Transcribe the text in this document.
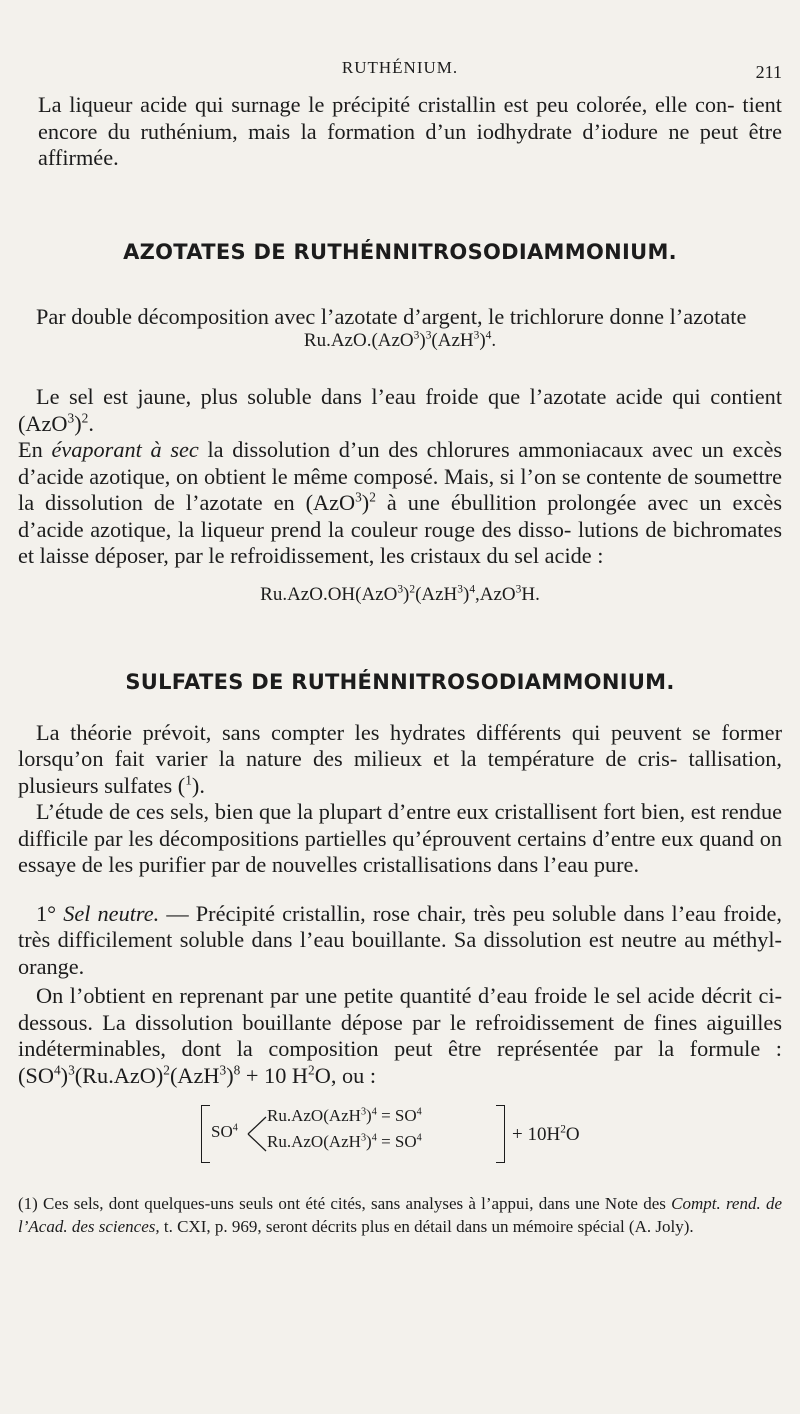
RUTHÉNIUM.	211

La liqueur acide qui surnage le précipité cristallin est peu colorée, elle con- tient encore du ruthénium, mais la formation d’un iodhydrate d’iodure ne peut être affirmée.

AZOTATES DE RUTHÉNNITROSODIAMMONIUM.

Par double décomposition avec l’azotate d’argent, le trichlorure donne l’azotate

$Ru.AzO.(AzO^3)^3(AzH^3)^4$.

Le sel est jaune, plus soluble dans l’eau froide que l’azotate acide qui contient $(AzO^3)^2$.
En évaporant à sec la dissolution d’un des chlorures ammoniacaux avec un excès d’acide azotique, on obtient le même composé. Mais, si l’on se contente de soumettre la dissolution de l’azotate en $(AzO^3)^2$ à une ébullition prolongée avec un excès d’acide azotique, la liqueur prend la couleur rouge des disso- lutions de bichromates et laisse déposer, par le refroidissement, les cristaux du sel acide :

$Ru.AzO.OH(AzO^3)^2(AzH^3)^4,AzO^3H$.
SULFATES DE RUTHÉNNITROSODIAMMONIUM.

La théorie prévoit, sans compter les hydrates différents qui peuvent se former lorsqu’on fait varier la nature des milieux et la température de cris- tallisation, plusieurs sulfates ($^1$).

L’étude de ces sels, bien que la plupart d’entre eux cristallisent fort bien, est rendue difficile par les décompositions partielles qu’éprouvent certains d’entre eux quand on essaye de les purifier par de nouvelles cristallisations dans l’eau pure.

1° Sel neutre. — Précipité cristallin, rose chair, très peu soluble dans l’eau froide, très difficilement soluble dans l’eau bouillante. Sa dissolution est neutre au méthyl-orange.

On l’obtient en reprenant par une petite quantité d’eau froide le sel acide décrit ci-dessous. La dissolution bouillante dépose par le refroidissement de fines aiguilles indéterminables, dont la composition peut être représentée par la formule : $(SO^4)^3(Ru.AzO)^2(AzH^3)^8 + 10$ $H^2O$, ou :

$SO^4$
$Ru.AzO(AzH^3)^4 = SO^4$
$Ru.AzO(AzH^3)^4 = SO^4$	+ $10H^2O$

(1) Ces sels, dont quelques-uns seuls ont été cités, sans analyses à l’appui, dans une Note des Compt. rend. de l’Acad. des sciences, t. CXI, p. 969, seront décrits plus en détail dans un mémoire spécial (A. Joly).
